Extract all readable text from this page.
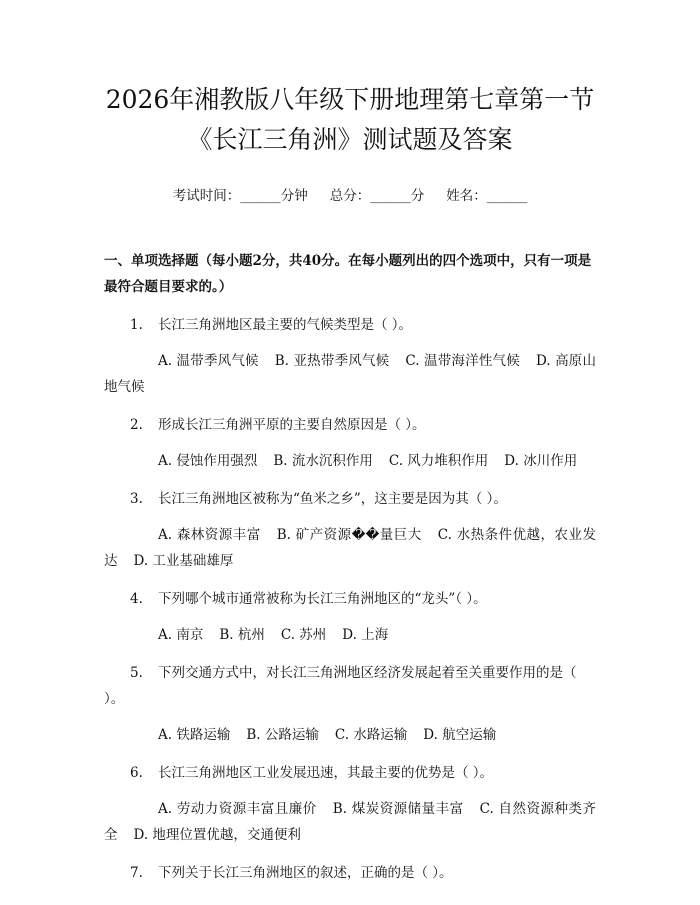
2026年湘教版八年级下册地理第七章第一节
《长江三角洲》测试题及答案
考试时间：______分钟 总分：______分 姓名：______
一、单项选择题（每小题2分，共40分。在每小题列出的四个选项中，只有一项是最符合题目要求的。）

1. 长江三角洲地区最主要的气候类型是（ ）。

A. 温带季风气候 B. 亚热带季风气候 C. 温带海洋性气候 D. 高原山地气候

2. 形成长江三角洲平原的主要自然原因是（ ）。

A. 侵蚀作用强烈 B. 流水沉积作用 C. 风力堆积作用 D. 冰川作用

3. 长江三角洲地区被称为“鱼米之乡”，这主要是因为其（ ）。

A. 森林资源丰富 B. 矿产资源��量巨大 C. 水热条件优越，农业发达 D. 工业基础雄厚

4. 下列哪个城市通常被称为长江三角洲地区的“龙头”（ ）。

A. 南京 B. 杭州 C. 苏州 D. 上海

5. 下列交通方式中，对长江三角洲地区经济发展起着至关重要作用的是（ ）。

A. 铁路运输 B. 公路运输 C. 水路运输 D. 航空运输

6. 长江三角洲地区工业发展迅速，其最主要的优势是（ ）。

A. 劳动力资源丰富且廉价 B. 煤炭资源储量丰富 C. 自然资源种类齐全 D. 地理位置优越，交通便利

7. 下列关于长江三角洲地区的叙述，正确的是（ ）。
